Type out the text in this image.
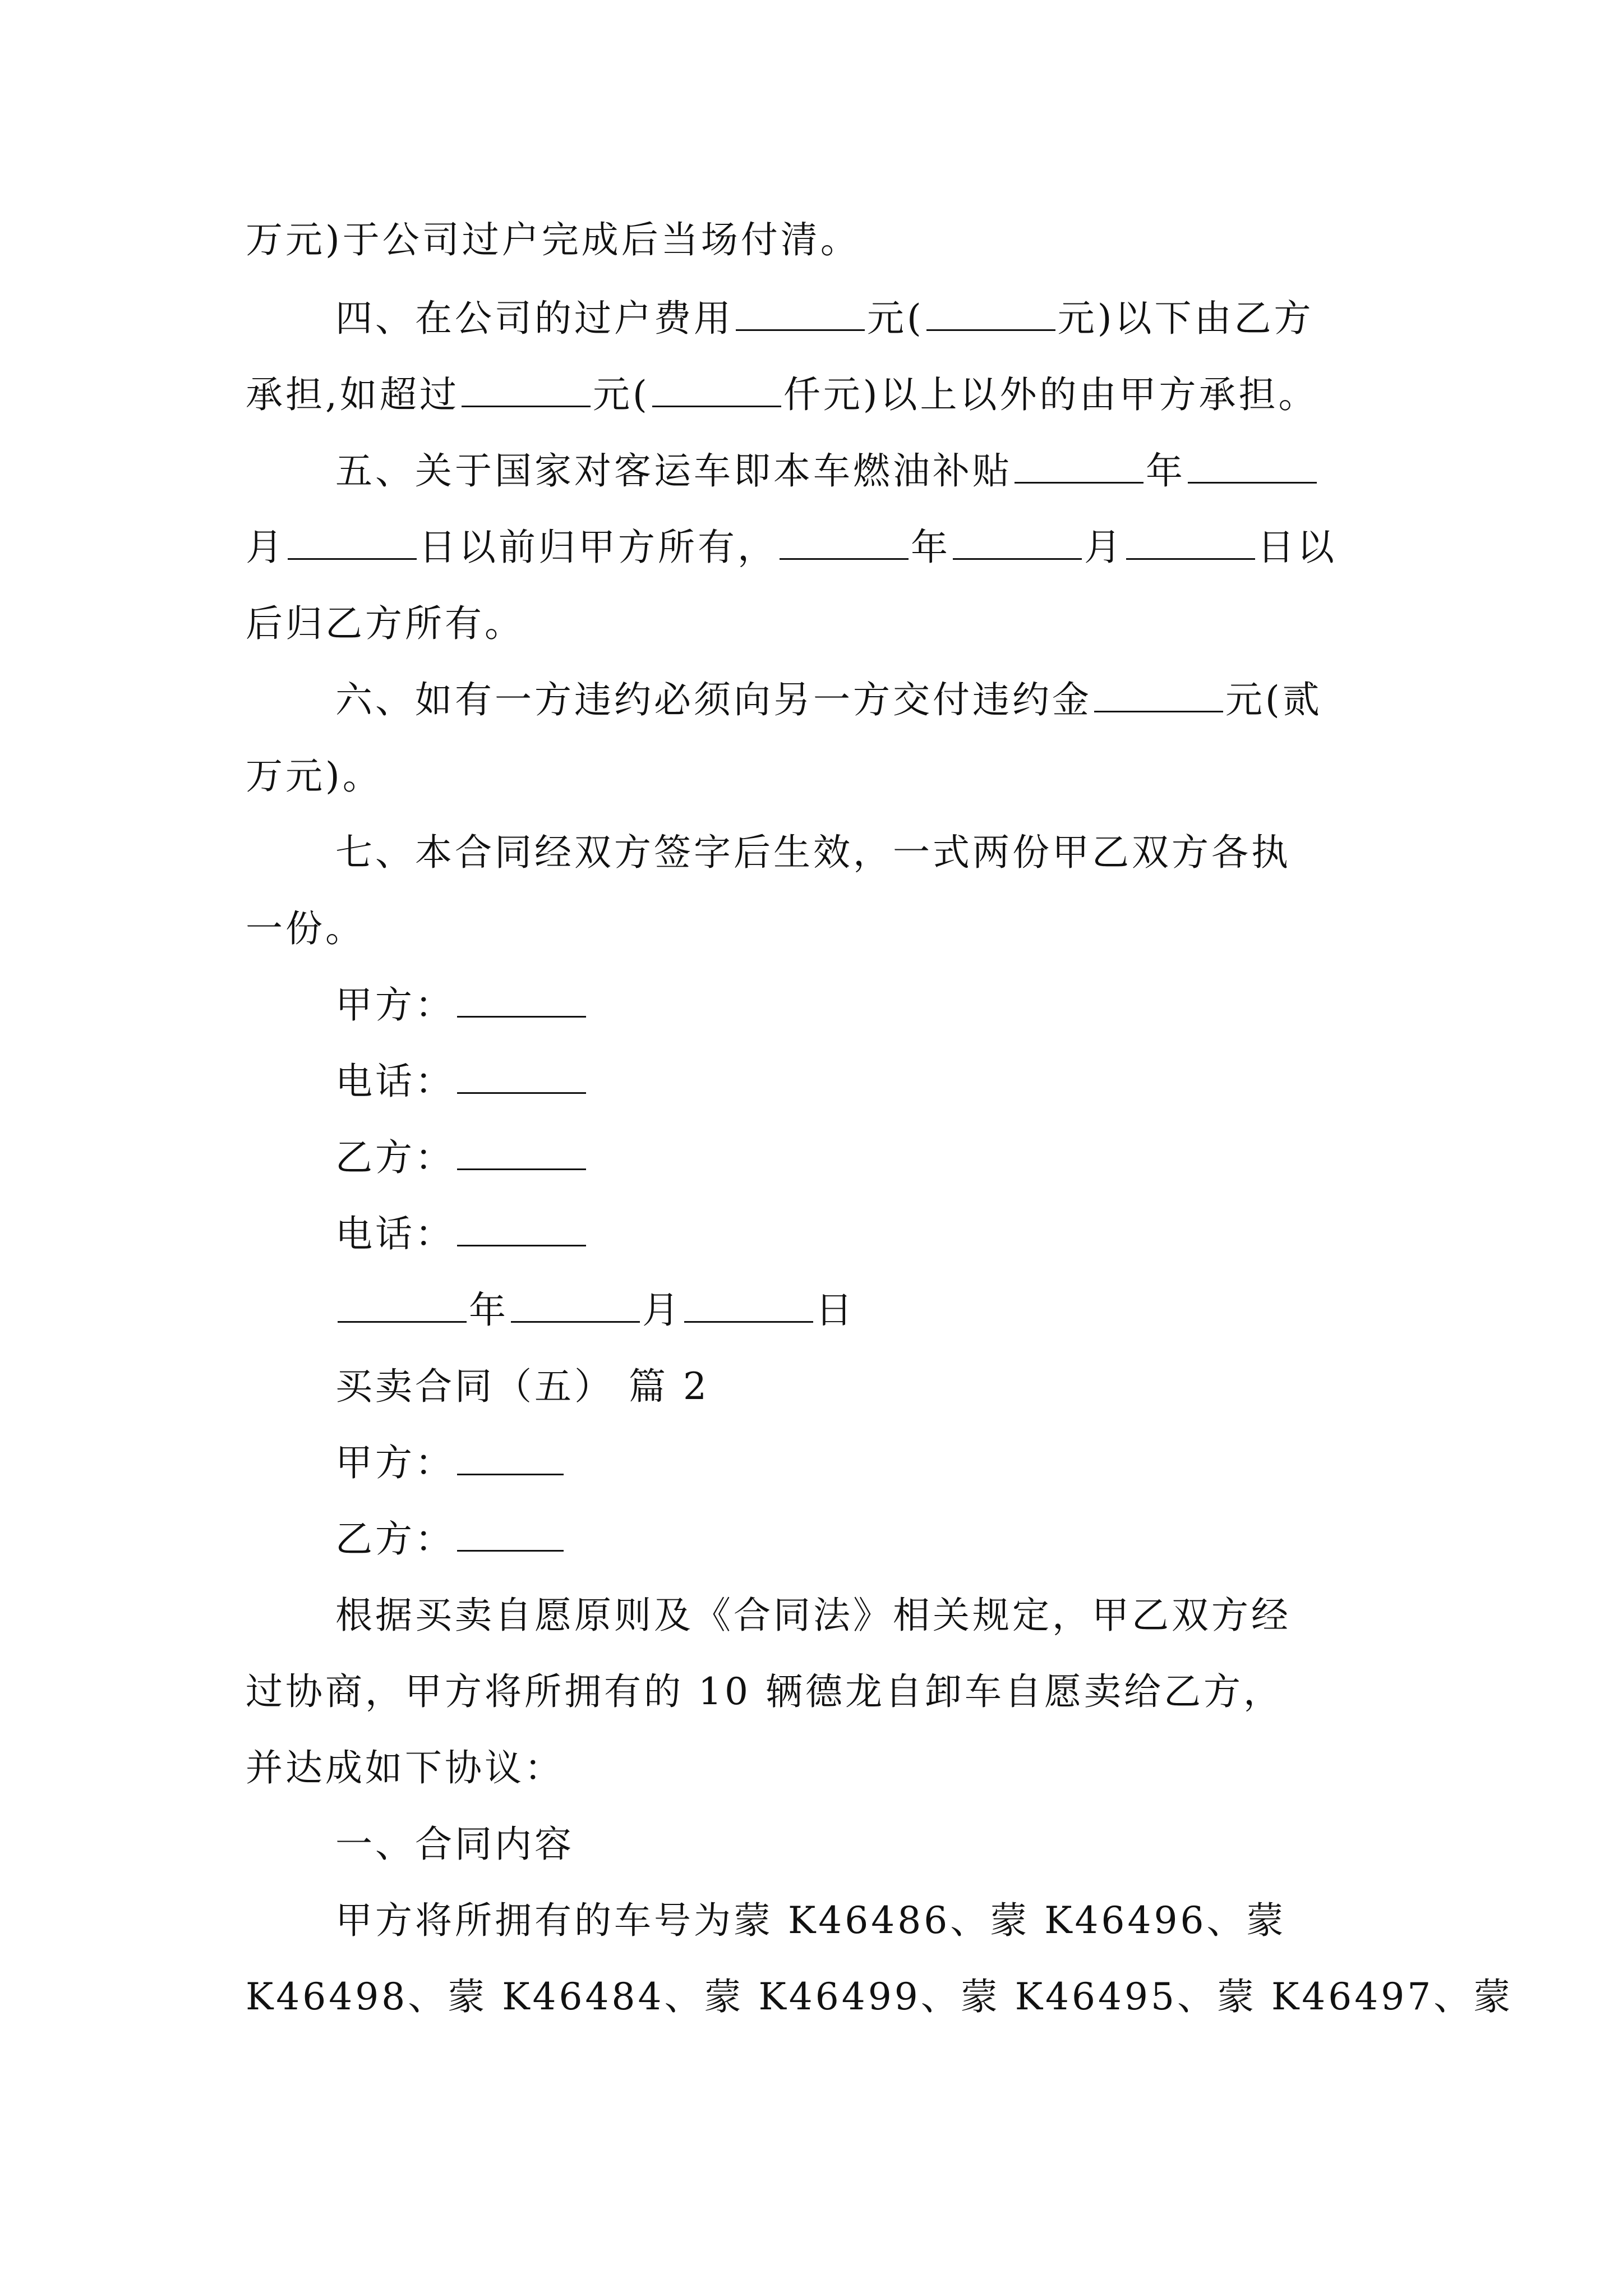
万元)于公司过户完成后当场付清。
四、在公司的过户费用	元(	元)以下由乙方
承担,如超过	元(	仟元)以上以外的由甲方承担。
五、关于国家对客运车即本车燃油补贴	年
月	日以前归甲方所有，	年	月	日以
后归乙方所有。
六、如有一方违约必须向另一方交付违约金	元(贰
万元)。
七、本合同经双方签字后生效，一式两份甲乙双方各执
一份。
甲方：
电话：
乙方：
电话：
年	月	日
买卖合同（五） 篇 2
甲方：
乙方：
根据买卖自愿原则及《合同法》相关规定，甲乙双方经
过协商，甲方将所拥有的 10 辆德龙自卸车自愿卖给乙方，
并达成如下协议：
一、合同内容
甲方将所拥有的车号为蒙 K46486、蒙 K46496、蒙
K46498、蒙 K46484、蒙 K46499、蒙 K46495、蒙 K46497、蒙
